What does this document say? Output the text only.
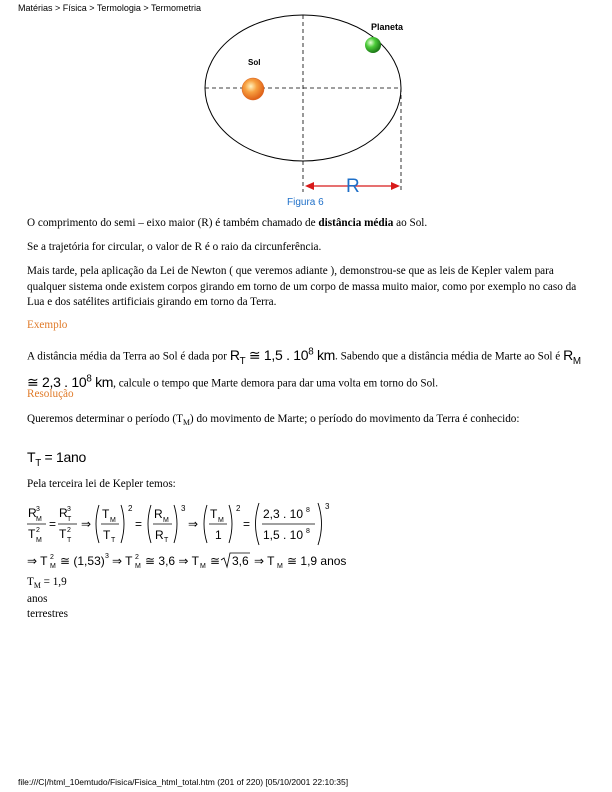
Matérias > Física > Termologia > Termometria
Sol
Planeta
R
Figura 6
O comprimento do semi – eixo maior (R) é também chamado de distância média ao Sol.
Se a trajetória for circular, o valor de R é o raio da circunferência.
Mais tarde, pela aplicação da Lei de Newton ( que veremos adiante ), demonstrou-se que as leis de Kepler valem para qualquer sistema onde existem corpos girando em torno de um corpo de massa muito maior, como por exemplo no caso da Lua e dos satélites artificiais girando em torno da Terra.
Exemplo
A distância média da Terra ao Sol é dada por $R_T$ ≅ 1,5 . $10^8$ km. Sabendo que a distância média de Marte ao Sol é $R_M$ ≅ 2,3 . $10^8$ km, calcule o tempo que Marte demora para dar uma volta em torno do Sol.
Resolução
Queremos determinar o período $(T_M)$ do movimento de Marte; o período do movimento da Terra é conhecido:
$T_T = 1ano$
Pela terceira lei de Kepler temos:
R 3
M
T 2
M
=
R 3
T
T 2
T
⇒
T M
T T
2
=
R M
R T
3
⇒
T M
1
2
=
2,3 . 10 8
1,5 . 10 8
3
⇒ T 2
M ≅ (1,53) 3 ⇒ T 2
M ≅ 3,6 ⇒ T M ≅ 3,6 ⇒ T M ≅ 1,9 anos
$T_M = 1,9$
anos
terrestres
file:///C|/html_10emtudo/Fisica/Fisica_html_total.htm (201 of 220) [05/10/2001 22:10:35]
